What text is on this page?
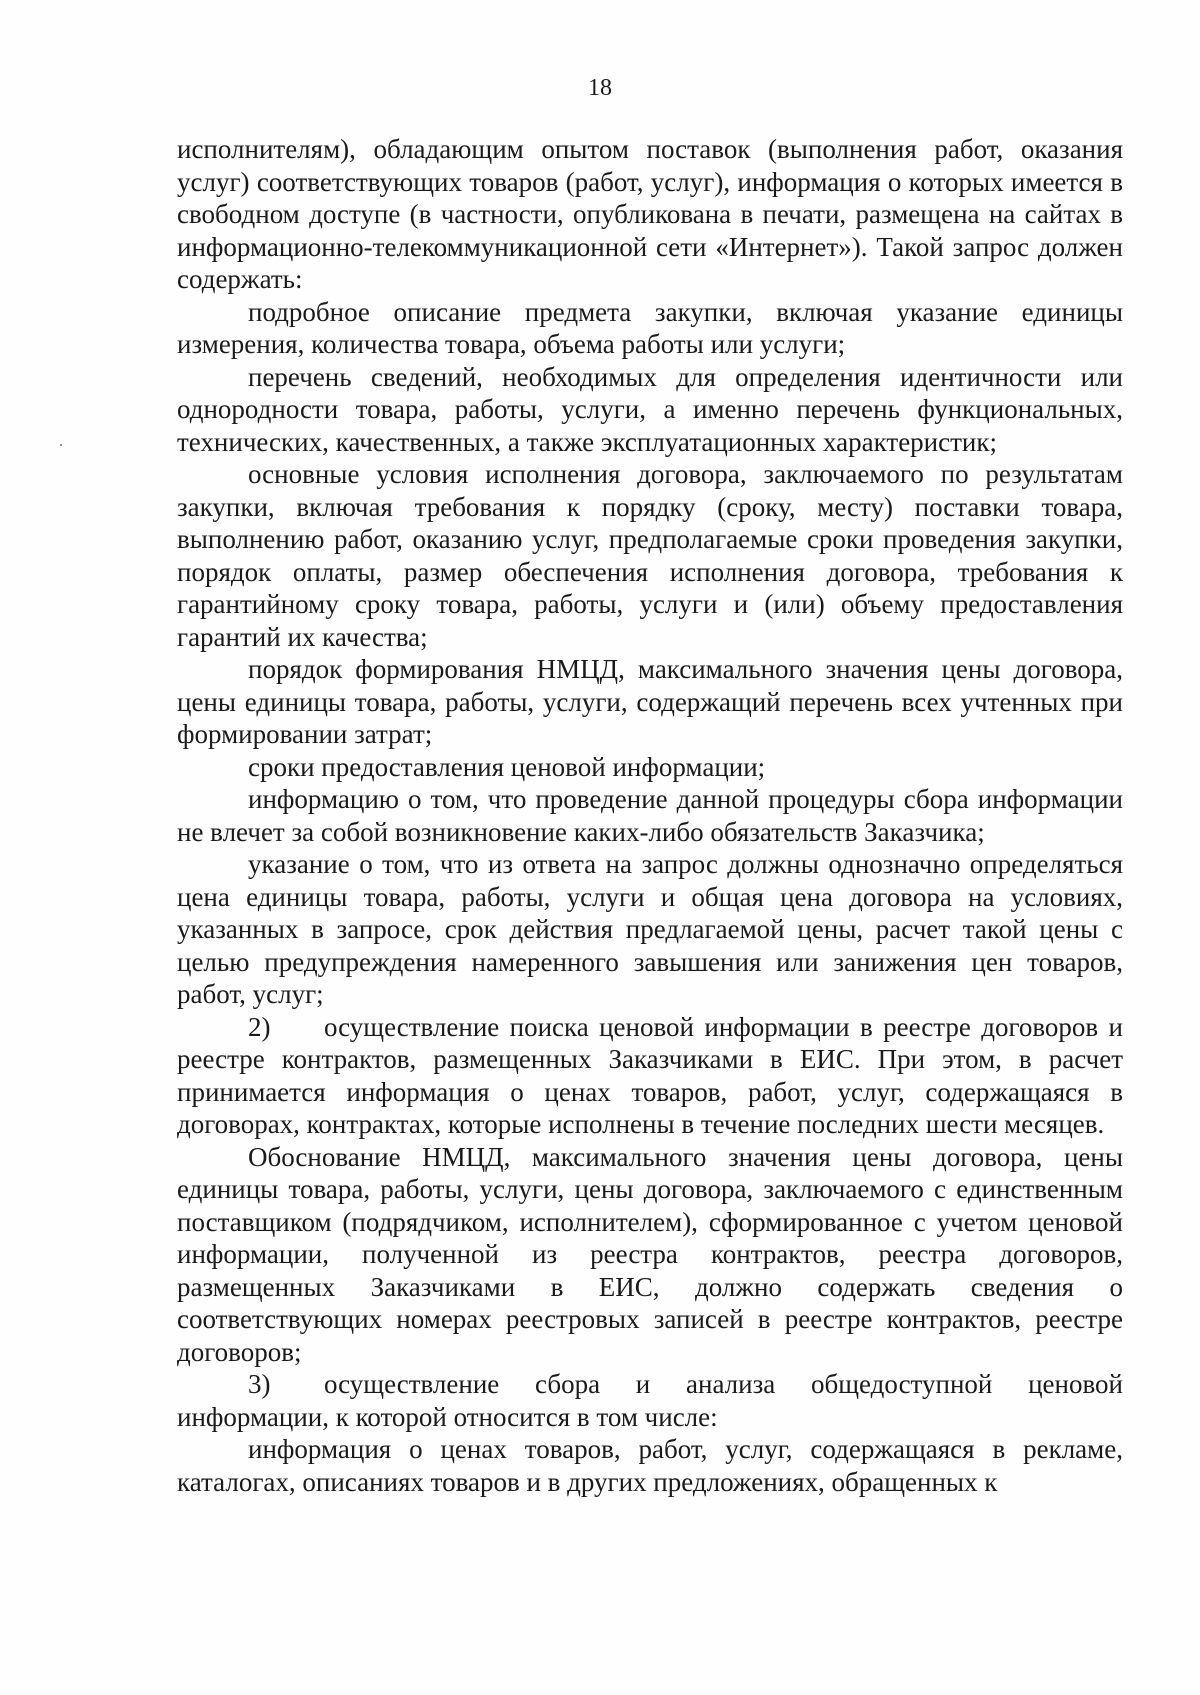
18

исполнителям), обладающим опытом поставок (выполнения работ, оказания услуг) соответствующих товаров (работ, услуг), информация о которых имеется в свободном доступе (в частности, опубликована в печати, размещена на сайтах в информационно-телекоммуникационной сети «Интернет»). Такой запрос должен содержать:

подробное описание предмета закупки, включая указание единицы измерения, количества товара, объема работы или услуги;

перечень сведений, необходимых для определения идентичности или однородности товара, работы, услуги, а именно перечень функциональных, технических, качественных, а также эксплуатационных характеристик;

основные условия исполнения договора, заключаемого по результатам закупки, включая требования к порядку (сроку, месту) поставки товара, выполнению работ, оказанию услуг, предполагаемые сроки проведения закупки, порядок оплаты, размер обеспечения исполнения договора, требования к гарантийному сроку товара, работы, услуги и (или) объему предоставления гарантий их качества;

порядок формирования НМЦД, максимального значения цены договора, цены единицы товара, работы, услуги, содержащий перечень всех учтенных при формировании затрат;

сроки предоставления ценовой информации;

информацию о том, что проведение данной процедуры сбора информации не влечет за собой возникновение каких-либо обязательств Заказчика;

указание о том, что из ответа на запрос должны однозначно определяться цена единицы товара, работы, услуги и общая цена договора на условиях, указанных в запросе, срок действия предлагаемой цены, расчет такой цены с целью предупреждения намеренного завышения или занижения цен товаров, работ, услуг;

2) осуществление поиска ценовой информации в реестре договоров и реестре контрактов, размещенных Заказчиками в ЕИС. При этом, в расчет принимается информация о ценах товаров, работ, услуг, содержащаяся в договорах, контрактах, которые исполнены в течение последних шести месяцев.

Обоснование НМЦД, максимального значения цены договора, цены единицы товара, работы, услуги, цены договора, заключаемого с единственным поставщиком (подрядчиком, исполнителем), сформированное с учетом ценовой информации, полученной из реестра контрактов, реестра договоров, размещенных Заказчиками в ЕИС, должно содержать сведения о соответствующих номерах реестровых записей в реестре контрактов, реестре договоров;

3) осуществление сбора и анализа общедоступной ценовой информации, к которой относится в том числе:

информация о ценах товаров, работ, услуг, содержащаяся в рекламе, каталогах, описаниях товаров и в других предложениях, обращенных к
